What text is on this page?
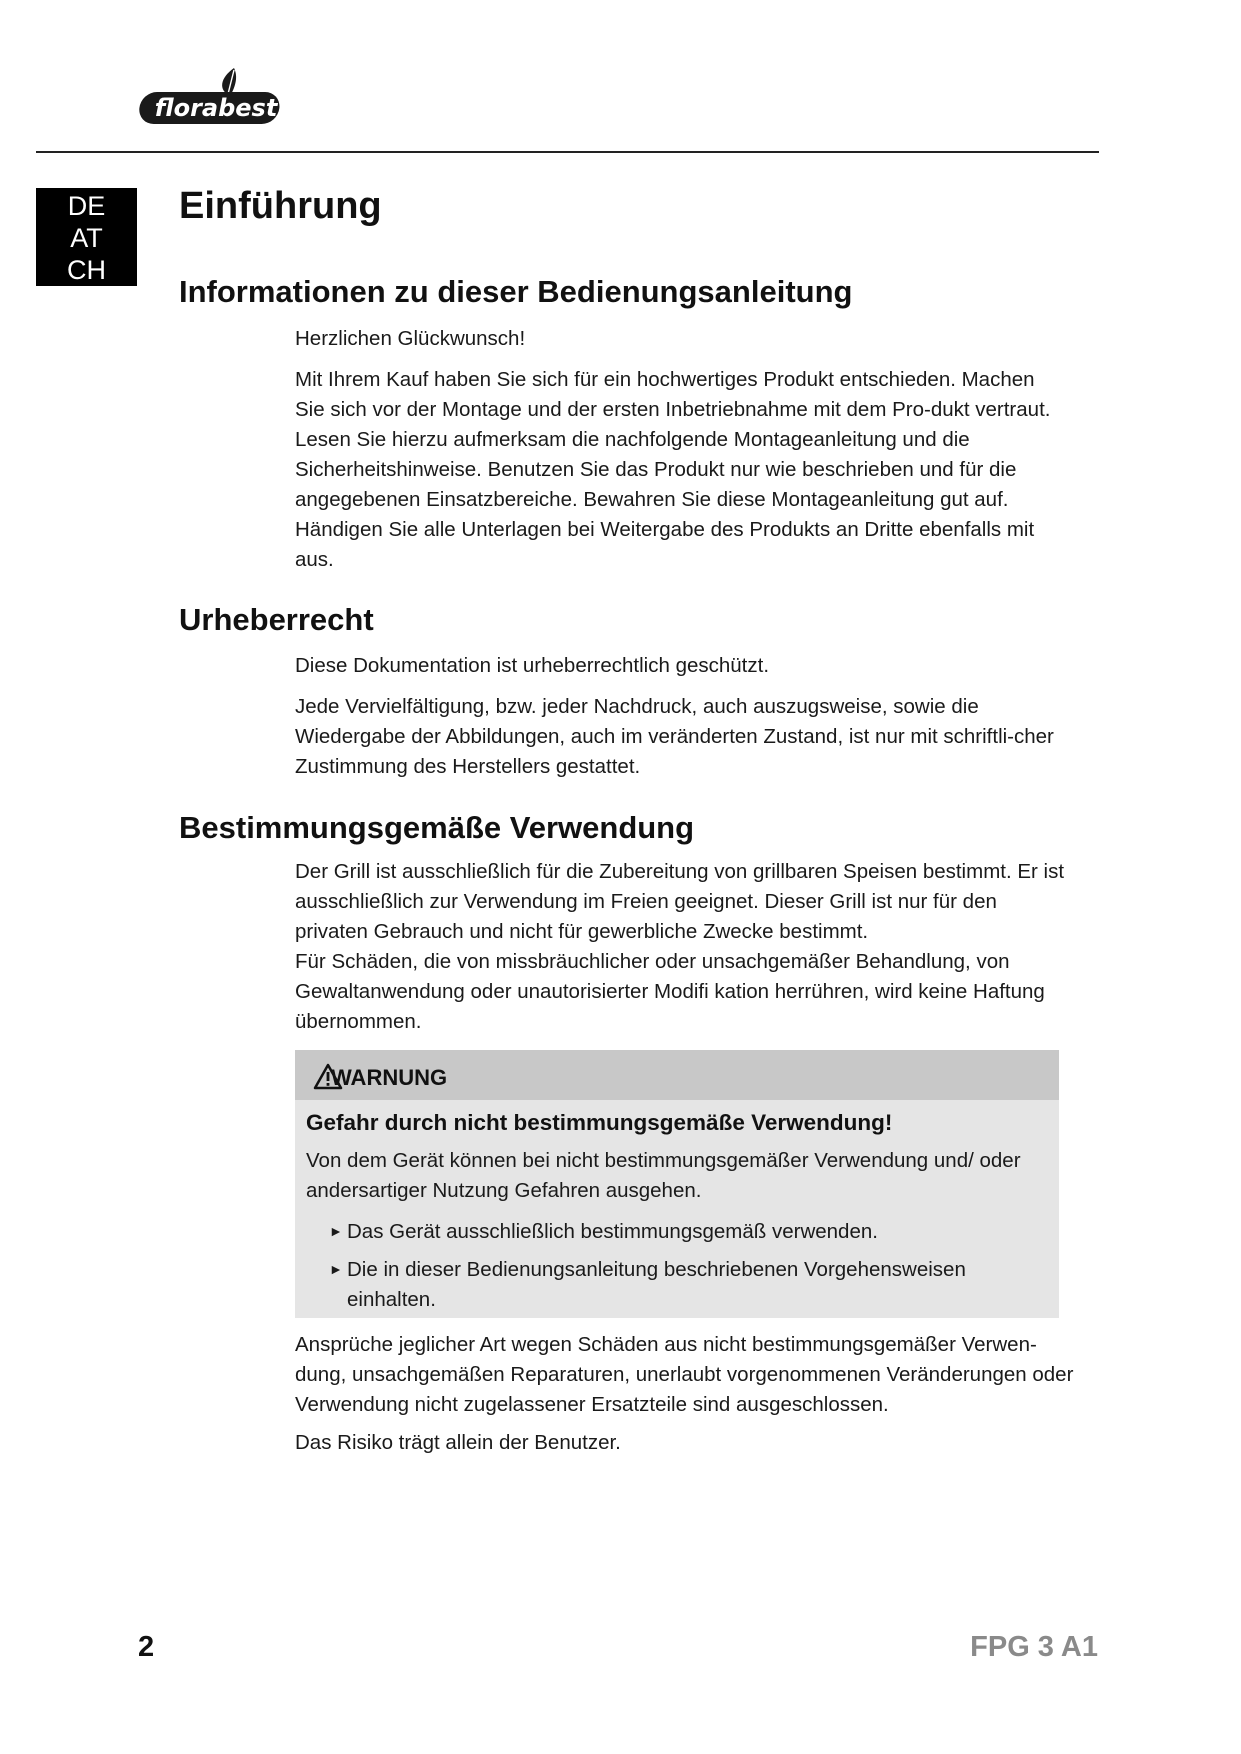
florabest
DE
AT
CH
Einführung
Informationen zu dieser Bedienungsanleitung

Herzlichen Glückwunsch!

Mit Ihrem Kauf haben Sie sich für ein hochwertiges Produkt entschieden. Machen Sie sich vor der Montage und der ersten Inbetriebnahme mit dem Pro-dukt vertraut. Lesen Sie hierzu aufmerksam die nachfolgende Montageanleitung und die Sicherheitshinweise. Benutzen Sie das Produkt nur wie beschrieben und für die angegebenen Einsatzbereiche. Bewahren Sie diese Montageanleitung gut auf. Händigen Sie alle Unterlagen bei Weitergabe des Produkts an Dritte ebenfalls mit aus.

Urheberrecht

Diese Dokumentation ist urheberrechtlich geschützt.

Jede Vervielfältigung, bzw. jeder Nachdruck, auch auszugsweise, sowie die Wiedergabe der Abbildungen, auch im veränderten Zustand, ist nur mit schriftli-cher Zustimmung des Herstellers gestattet.

Bestimmungsgemäße Verwendung

Der Grill ist ausschließlich für die Zubereitung von grillbaren Speisen bestimmt. Er ist ausschließlich zur Verwendung im Freien geeignet. Dieser Grill ist nur für den privaten Gebrauch und nicht für gewerbliche Zwecke bestimmt.

Für Schäden, die von missbräuchlicher oder unsachgemäßer Behandlung, von Gewaltanwendung oder unautorisierter Modifi kation herrühren, wird keine Haftung übernommen.

WARNUNG
Gefahr durch nicht bestimmungsgemäße Verwendung!

Von dem Gerät können bei nicht bestimmungsgemäßer Verwendung und/ oder andersartiger Nutzung Gefahren ausgehen.

► Das Gerät ausschließlich bestimmungsgemäß verwenden.

► Die in dieser Bedienungsanleitung beschriebenen Vorgehensweisen einhalten.

Ansprüche jeglicher Art wegen Schäden aus nicht bestimmungsgemäßer Verwen-dung, unsachgemäßen Reparaturen, unerlaubt vorgenommenen Veränderungen oder Verwendung nicht zugelassener Ersatzteile sind ausgeschlossen.

Das Risiko trägt allein der Benutzer.

2	FPG 3 A1
